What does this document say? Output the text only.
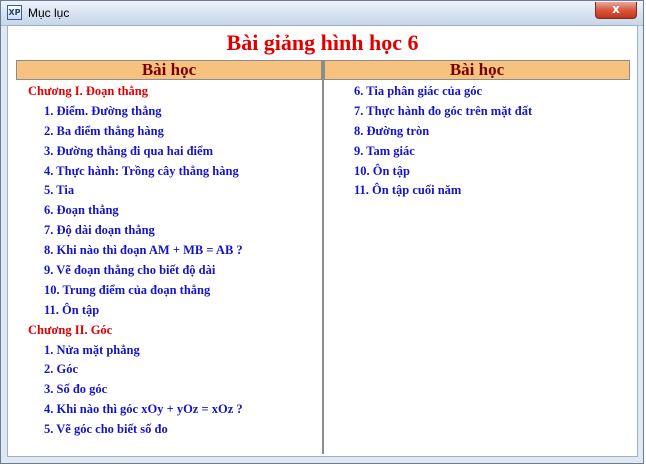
XP Mục lục	x
Bài giảng hình học 6
Bài học	Bài học
Chương I. Đoạn thẳng
1. Điểm. Đường thẳng
2. Ba điểm thẳng hàng
3. Đường thẳng đi qua hai điểm
4. Thực hành: Trồng cây thẳng hàng
5. Tia
6. Đoạn thẳng
7. Độ dài đoạn thẳng
8. Khi nào thì đoạn AM + MB = AB ?
9. Vẽ đoạn thẳng cho biết độ dài
10. Trung điểm của đoạn thẳng
11. Ôn tập
Chương II. Góc
1. Nửa mặt phẳng
2. Góc
3. Số đo góc
4. Khi nào thì góc xOy + yOz = xOz ?
5. Vẽ góc cho biết số đo
6. Tia phân giác của góc
7. Thực hành đo góc trên mặt đất
8. Đường tròn
9. Tam giác
10. Ôn tập
11. Ôn tập cuối năm
